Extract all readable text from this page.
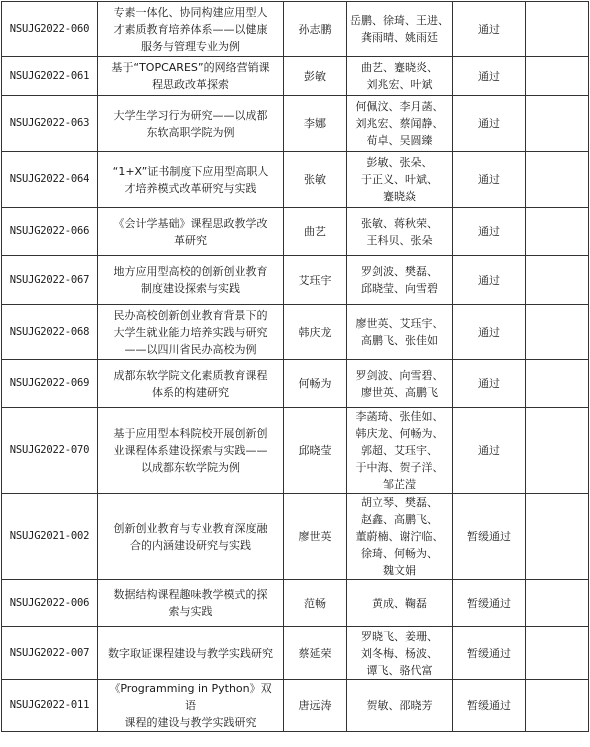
NSUJG2022-060	专素一体化、协同构建应用型人
才素质教育培养体系——以健康
服务与管理专业为例	孙志鹏	岳鹏、徐琦、王进、
龚雨晴、姚雨廷	通过	
NSUJG2022-061	基于“TOPCARES”的网络营销课
程思政改革探索	彭敏	曲艺、蹇晓炎、
刘兆宏、叶斌	通过	
NSUJG2022-063	大学生学习行为研究——以成都
东软高职学院为例	李娜	何佩汶、李月菡、
刘兆宏、蔡闻静、
荀卓、吴圆臻	通过	
NSUJG2022-064	“1+X”证书制度下应用型高职人
才培养模式改革研究与实践	张敏	彭敏、张朵、
于正义、叶斌、
蹇晓焱	通过	
NSUJG2022-066	《会计学基础》课程思政教学改
革研究	曲艺	张敏、蒋秋荣、
王科贝、张朵	通过	
NSUJG2022-067	地方应用型高校的创新创业教育
制度建设探索与实践	艾珏宇	罗剑波、樊磊、
邱晓莹、向雪碧	通过	
NSUJG2022-068	民办高校创新创业教育背景下的
大学生就业能力培养实践与研究
——以四川省民办高校为例	韩庆龙	廖世英、艾珏宇、
高鹏飞、张佳如	通过	
NSUJG2022-069	成都东软学院文化素质教育课程
体系的构建研究	何畅为	罗剑波、向雪碧、
廖世英、高鹏飞	通过	
NSUJG2022-070	基于应用型本科院校开展创新创
业课程体系建设探索与实践——
以成都东软学院为例	邱晓莹	李菡琦、张佳如、
韩庆龙、何畅为、
郭超、艾珏宇、
于中海、贺子洋、
邹芷滢	通过	
NSUJG2021-002	创新创业教育与专业教育深度融
合的内涵建设研究与实践	廖世英	胡立琴、樊磊、
赵鑫、高鹏飞、
董蔚楠、谢泞临、
徐琦、何畅为、
魏文娟	暂缓通过	
NSUJG2022-006	数据结构课程趣味教学模式的探
索与实践	范畅	黄成、鞠磊	暂缓通过	
NSUJG2022-007	数字取证课程建设与教学实践研究	蔡延荣	罗晓飞、姜珊、
刘冬梅、杨波、
谭飞、骆代富	暂缓通过	
NSUJG2022-011	《Programming in Python》双语
课程的建设与教学实践研究	唐远涛	贺敏、邵晓芳	暂缓通过	
